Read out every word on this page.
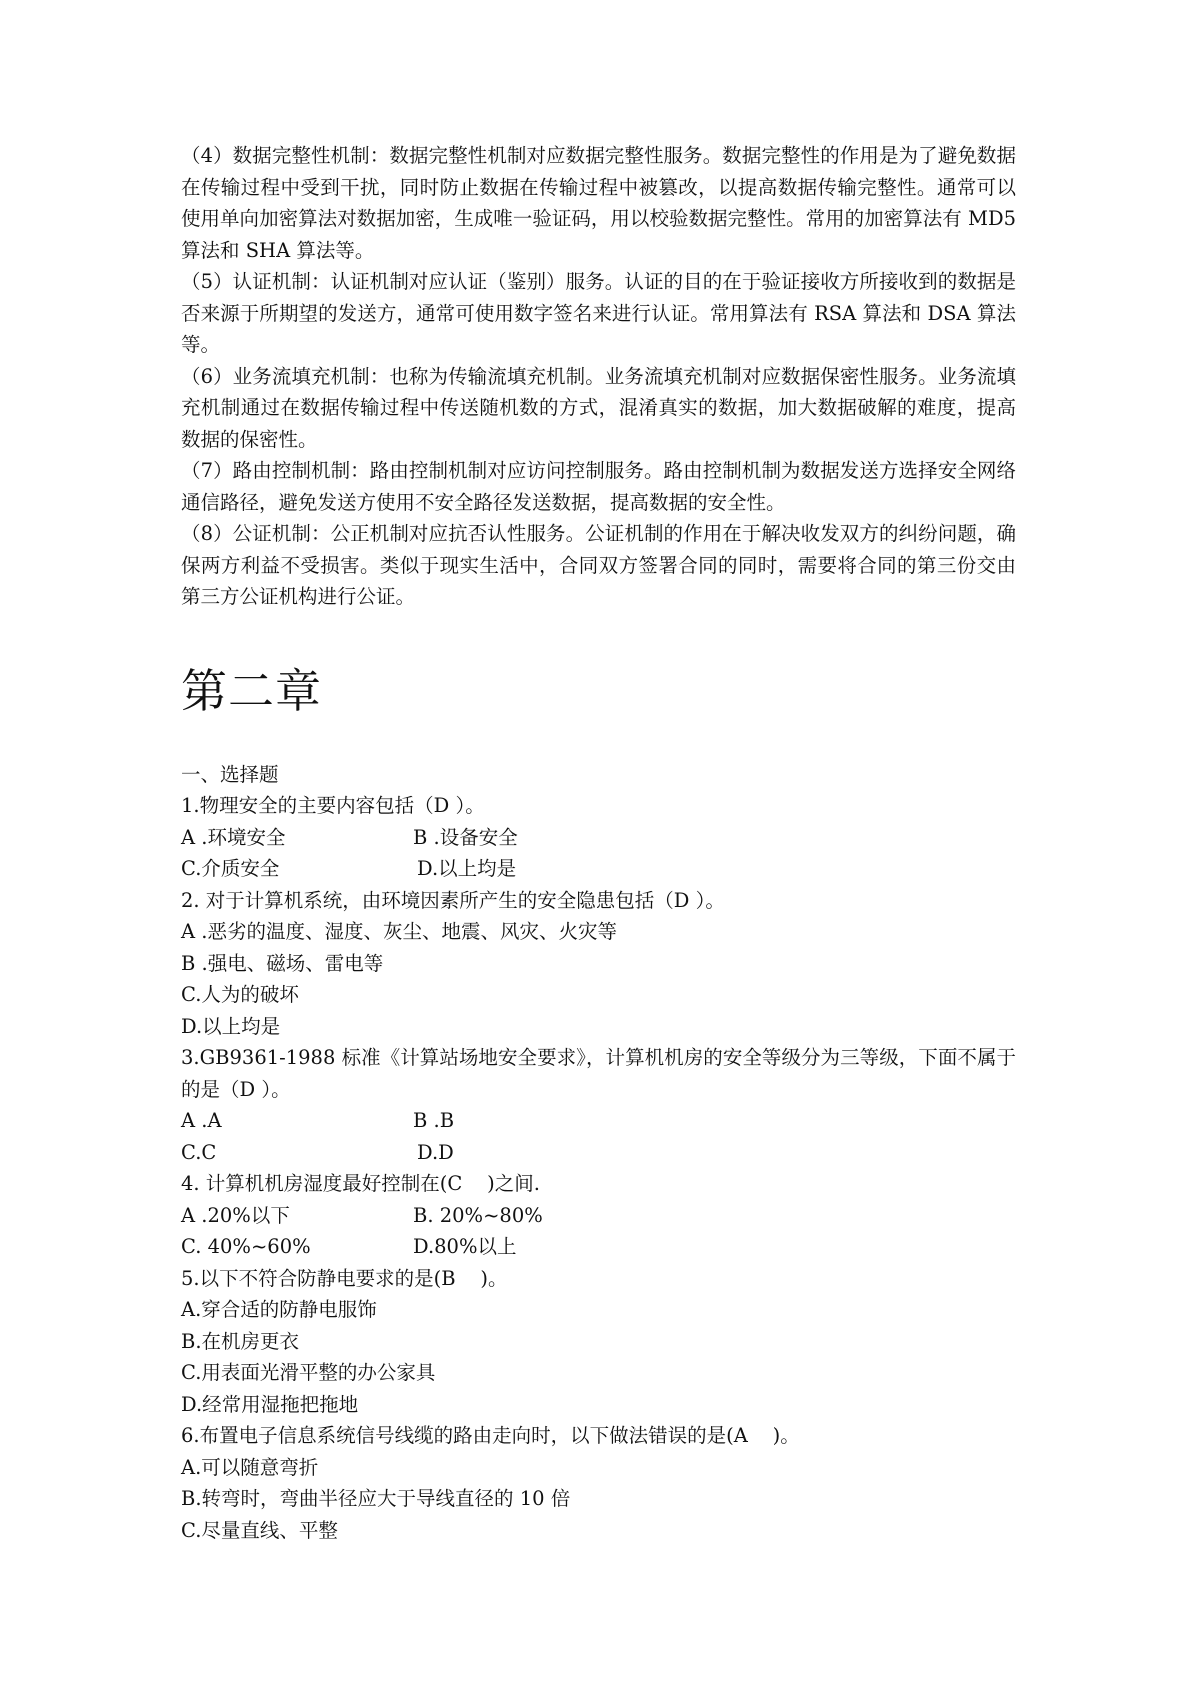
（4）数据完整性机制：数据完整性机制对应数据完整性服务。数据完整性的作用是为了避免数据在传输过程中受到干扰，同时防止数据在传输过程中被篡改，以提高数据传输完整性。通常可以使用单向加密算法对数据加密，生成唯一验证码，用以校验数据完整性。常用的加密算法有 MD5 算法和 SHA 算法等。

（5）认证机制：认证机制对应认证（鉴别）服务。认证的目的在于验证接收方所接收到的数据是否来源于所期望的发送方，通常可使用数字签名来进行认证。常用算法有 RSA 算法和 DSA 算法等。

（6）业务流填充机制：也称为传输流填充机制。业务流填充机制对应数据保密性服务。业务流填充机制通过在数据传输过程中传送随机数的方式，混淆真实的数据，加大数据破解的难度，提高数据的保密性。

（7）路由控制机制：路由控制机制对应访问控制服务。路由控制机制为数据发送方选择安全网络通信路径，避免发送方使用不安全路径发送数据，提高数据的安全性。

（8）公证机制：公正机制对应抗否认性服务。公证机制的作用在于解决收发双方的纠纷问题，确保两方利益不受损害。类似于现实生活中，合同双方签署合同的同时，需要将合同的第三份交由第三方公证机构进行公证。

第二章

一、选择题

1.物理安全的主要内容包括（D ）。

A .环境安全	B .设备安全
C.介质安全	D.以上均是

2. 对于计算机系统，由环境因素所产生的安全隐患包括（D ）。

A .恶劣的温度、湿度、灰尘、地震、风灾、火灾等

B .强电、磁场、雷电等

C.人为的破坏

D.以上均是

3.GB9361-1988 标准《计算站场地安全要求》，计算机机房的安全等级分为三等级，下面不属于的是（D ）。

A .A	B .B
C.C	D.D

4. 计算机机房湿度最好控制在(C    )之间.

A .20%以下	B. 20%~80%
C. 40%~60%	D.80%以上

5.以下不符合防静电要求的是(B    )。

A.穿合适的防静电服饰

B.在机房更衣

C.用表面光滑平整的办公家具

D.经常用湿拖把拖地

6.布置电子信息系统信号线缆的路由走向时，以下做法错误的是(A    )。

A.可以随意弯折

B.转弯时，弯曲半径应大于导线直径的 10 倍

C.尽量直线、平整
